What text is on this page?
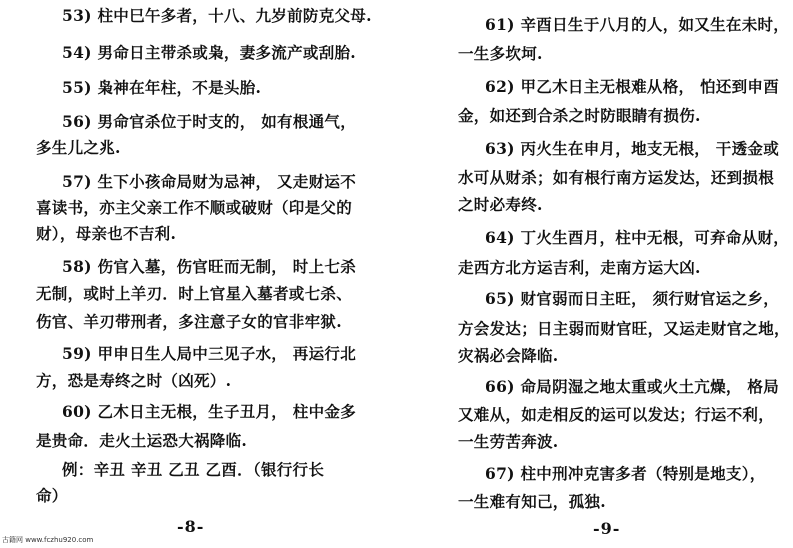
53) 柱中巳午多者，十八、九岁前防克父母.
54) 男命日主带杀或枭，妻多流产或刮胎.
55) 枭神在年柱，不是头胎.
56) 男命官杀位于时支的， 如有根通气，
多生儿之兆.
57) 生下小孩命局财为忌神， 又走财运不
喜读书，亦主父亲工作不顺或破财（印是父的
财），母亲也不吉利.
58) 伤官入墓，伤官旺而无制， 时上七杀
无制，或时上羊刃．时上官星入墓者或七杀、
伤官、羊刃带刑者，多注意子女的官非牢狱.
59) 甲申日生人局中三见子水， 再运行北
方，恐是寿终之时（凶死）.
60) 乙木日主无根，生子丑月， 柱中金多
是贵命．走火土运恐大祸降临.
例：辛丑 辛丑 乙丑 乙酉．（银行行长
命）
-8-
61) 辛酉日生于八月的人，如又生在未时，
一生多坎坷.
62) 甲乙木日主无根难从格， 怕还到申酉
金，如还到合杀之时防眼睛有损伤.
63) 丙火生在申月，地支无根， 干透金或
水可从财杀；如有根行南方运发达，还到损根
之时必寿终.
64) 丁火生酉月，柱中无根，可弃命从财，
走西方北方运吉利，走南方运大凶.
65) 财官弱而日主旺， 须行财官运之乡，
方会发达；日主弱而财官旺，又运走财官之地，
灾祸必会降临.
66) 命局阴湿之地太重或火土亢燥， 格局
又难从，如走相反的运可以发达；行运不利，
一生劳苦奔波.
67) 柱中刑冲克害多者（特别是地支），
一生难有知己，孤独.
-9-
古籍网 www.fczhu920.com
